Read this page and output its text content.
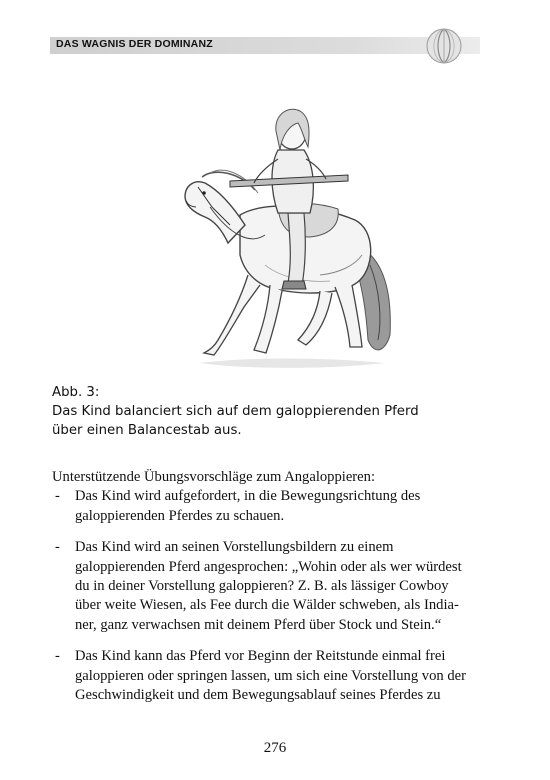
DAS WAGNIS DER DOMINANZ
Abb. 3:
Das Kind balanciert sich auf dem galoppierenden Pferd
über einen Balancestab aus.
Unterstützende Übungsvorschläge zum Angaloppieren:
- Das Kind wird aufgefordert, in die Bewegungsrichtung des
galoppierenden Pferdes zu schauen.
- Das Kind wird an seinen Vorstellungsbildern zu einem
galoppierenden Pferd angesprochen: „Wohin oder als wer würdest
du in deiner Vorstellung galoppieren? Z. B. als lässiger Cowboy
über weite Wiesen, als Fee durch die Wälder schweben, als Indiа-
ner, ganz verwachsen mit deinem Pferd über Stock und Stein.“
- Das Kind kann das Pferd vor Beginn der Reitstunde einmal frei
galoppieren oder springen lassen, um sich eine Vorstellung von der
Geschwindigkeit und dem Bewegungsablauf seines Pferdes zu
276
